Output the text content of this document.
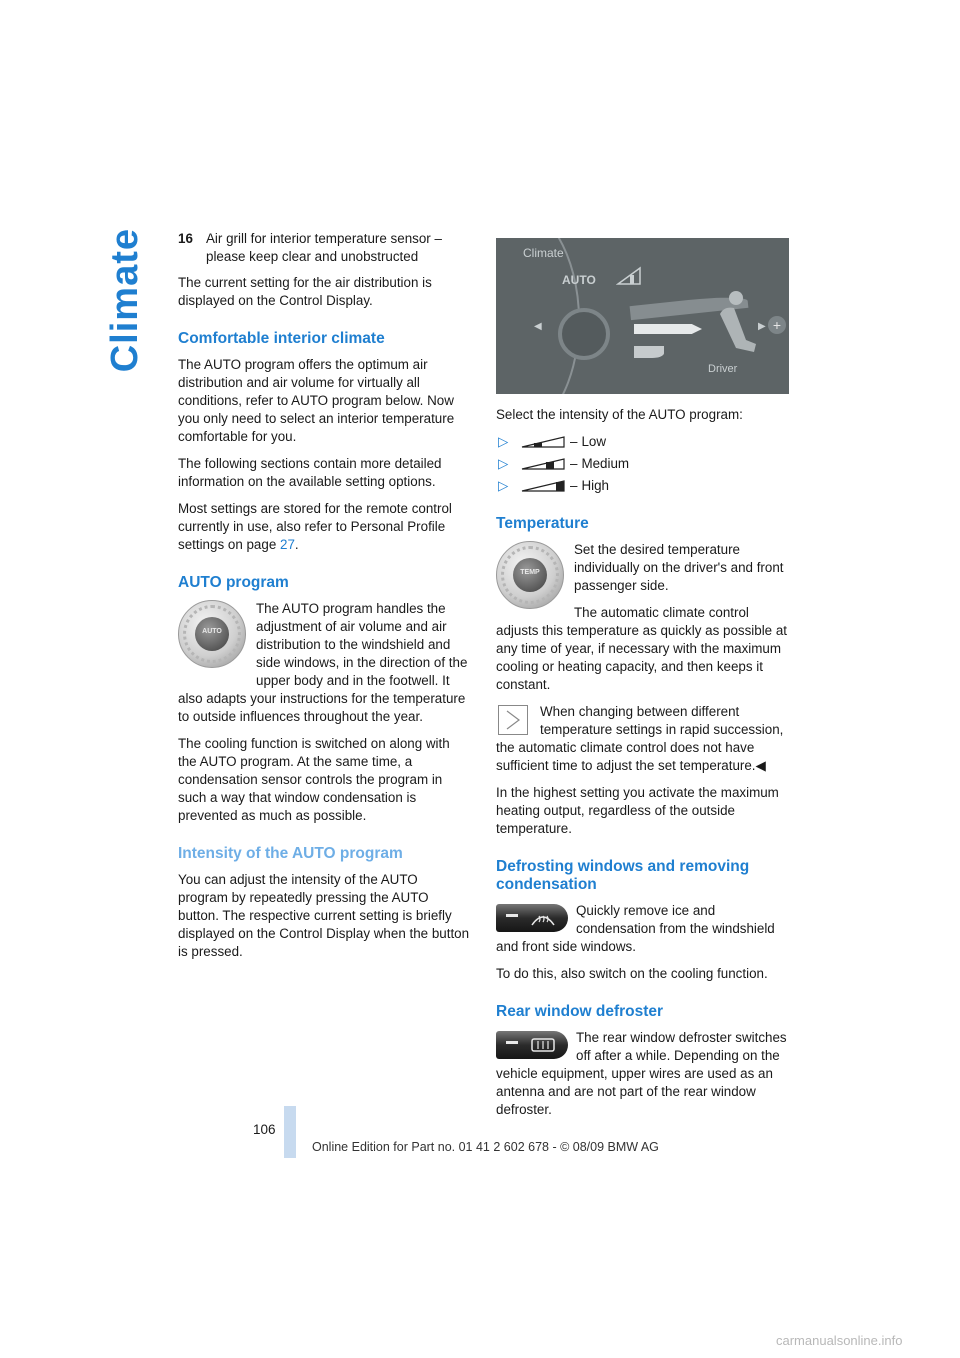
Climate 16 Air grill for interior temperature sensor – please keep clear and unobstructed

The current setting for the air distribution is displayed on the Control Display.

Comfortable interior climate

The AUTO program offers the optimum air distribution and air volume for virtually all conditions, refer to AUTO program below. Now you only need to select an interior temperature comfortable for you.

The following sections contain more detailed information on the available setting options.

Most settings are stored for the remote control currently in use, also refer to Personal Profile settings on page 27.

AUTO program
AUTO

The AUTO program handles the adjustment of air volume and air distribution to the windshield and side windows, in the direction of the upper body and in the footwell. It also adapts your instructions for the temperature to outside influences throughout the year.

The cooling function is switched on along with the AUTO program. At the same time, a condensation sensor controls the program in such a way that window condensation is prevented as much as possible.

Intensity of the AUTO program

You can adjust the intensity of the AUTO program by repeatedly pressing the AUTO button. The respective current setting is briefly displayed on the Control Display when the button is pressed.

Climate
AUTO
◀	▶ +
Driver

Select the intensity of the AUTO program:

▷	– Low
▷	– Medium
▷	– High
Temperature
TEMP

Set the desired temperature individually on the driver's and front passenger side.

The automatic climate control adjusts this temperature as quickly as possible at any time of year, if necessary with the maximum cooling or heating capacity, and then keeps it constant.

When changing between different temperature settings in rapid succession, the automatic climate control does not have sufficient time to adjust the set temperature.◀

In the highest setting you activate the maximum heating output, regardless of the outside temperature.

Defrosting windows and removing condensation

Quickly remove ice and condensation from the windshield and front side windows.

To do this, also switch on the cooling function.

Rear window defroster

The rear window defroster switches off after a while. Depending on the vehicle equipment, upper wires are used as an antenna and are not part of the rear window defroster.

106
Online Edition for Part no. 01 41 2 602 678 - © 08/09 BMW AG
carmanualsonline.info
